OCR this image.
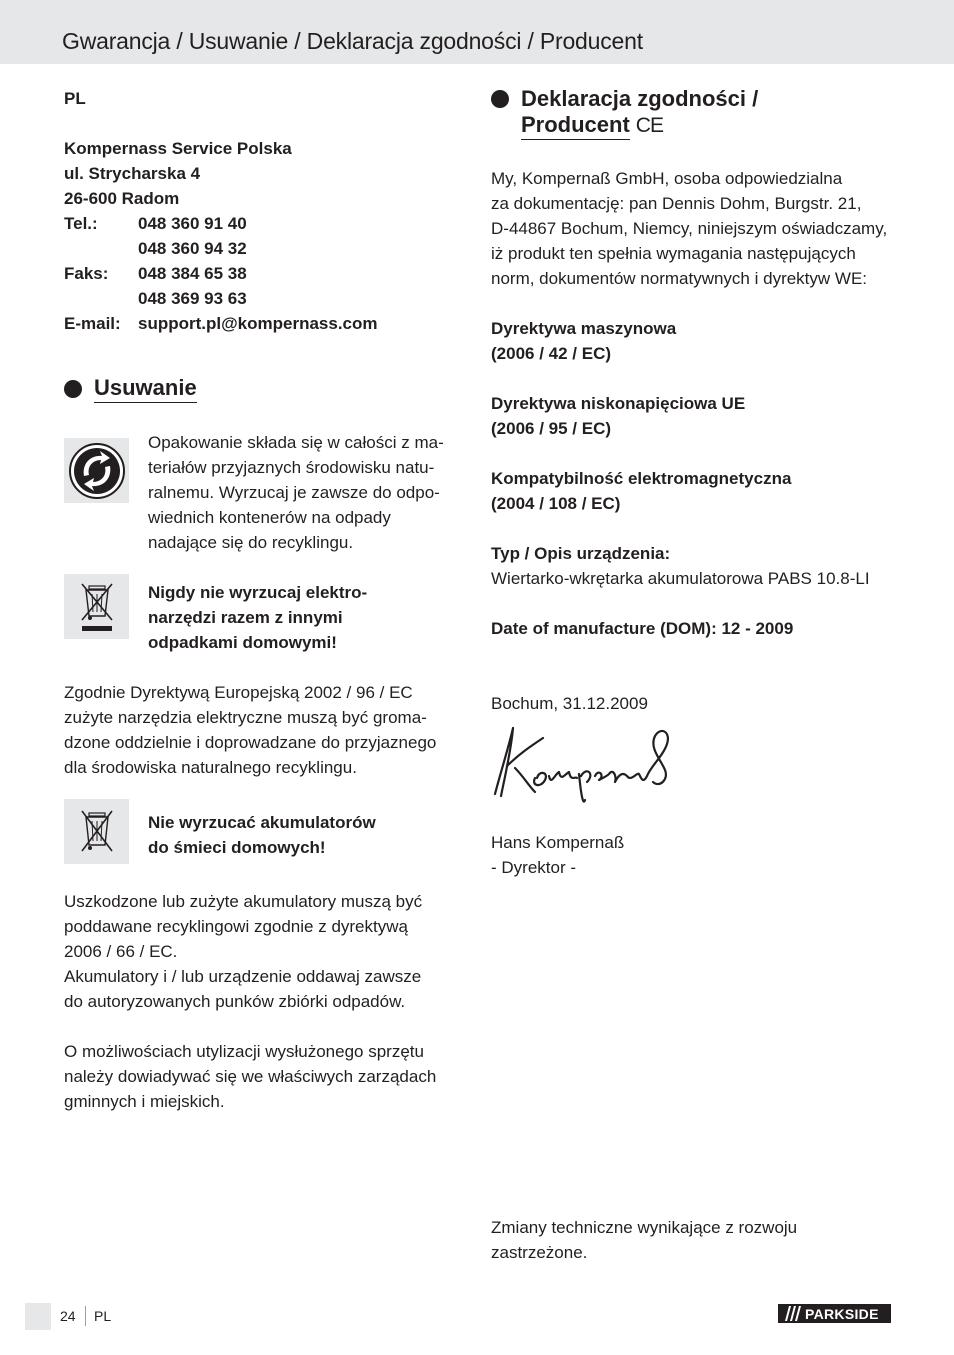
Gwarancja / Usuwanie / Deklaracja zgodności / Producent

PL

Kompernass Service Polska

ul. Strycharska 4

26-600 Radom

Tel.:	048 360 91 40
048 360 94 32
Faks:	048 384 65 38
048 369 93 63
E-mail:	support.pl@kompernass.com
Usuwanie

Opakowanie składa się w całości z ma-

teriałów przyjaznych środowisku natu-

ralnemu. Wyrzucaj je zawsze do odpo-

wiednich kontenerów na odpady

nadające się do recyklingu.

Nigdy nie wyrzucaj elektro-

narzędzi razem z innymi

odpadkami domowymi!

Zgodnie Dyrektywą Europejską 2002 / 96 / EC

zużyte narzędzia elektryczne muszą być groma-

dzone oddzielnie i doprowadzane do przyjaznego

dla środowiska naturalnego recyklingu.

Nie wyrzucać akumulatorów

do śmieci domowych!

Uszkodzone lub zużyte akumulatory muszą być

poddawane recyklingowi zgodnie z dyrektywą

2006 / 66 / EC.

Akumulatory i / lub urządzenie oddawaj zawsze

do autoryzowanych punków zbiórki odpadów.

O możliwościach utylizacji wysłużonego sprzętu

należy dowiadywać się we właściwych zarządach

gminnych i miejskich.

Deklaracja zgodności /
Producent CE

My, Kompernaß GmbH, osoba odpowiedzialna

za dokumentację: pan Dennis Dohm, Burgstr. 21,

D-44867 Bochum, Niemcy, niniejszym oświadczamy,

iż produkt ten spełnia wymagania następujących

norm, dokumentów normatywnych i dyrektyw WE:

Dyrektywa maszynowa

(2006 / 42 / EC)

Dyrektywa niskonapięciowa UE

(2006 / 95 / EC)

Kompatybilność elektromagnetyczna

(2004 / 108 / EC)

Typ / Opis urządzenia:

Wiertarko-wkrętarka akumulatorowa PABS 10.8-LI

Date of manufacture (DOM): 12 - 2009

Bochum, 31.12.2009

Hans Kompernaß

- Dyrektor -

Zmiany techniczne wynikające z rozwoju

zastrzeżone.

24 PL	PARKSIDE
